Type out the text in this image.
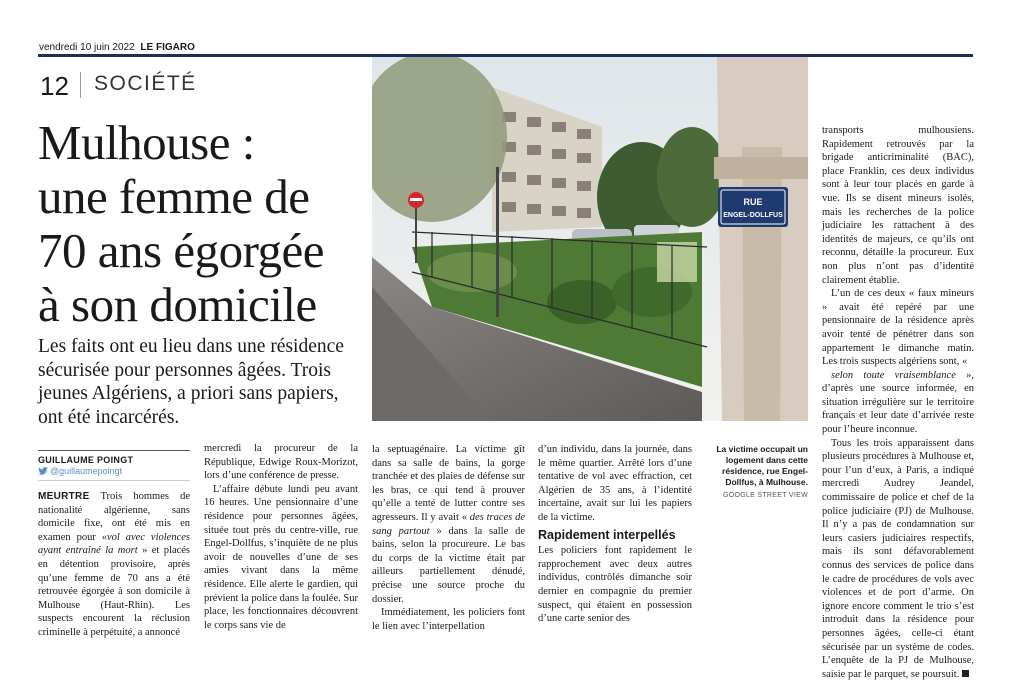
vendredi 10 juin 2022 LE FIGARO
12 SOCIÉTÉ
Mulhouse :
une femme de
70 ans égorgée
à son domicile

Les faits ont eu lieu dans une résidence sécurisée pour personnes âgées. Trois jeunes Algériens, a priori sans papiers, ont été incarcérés.

GUILLAUME POINGT
@guillaumepoingt

MEURTRE Trois hommes de nationalité algérienne, sans domicile fixe, ont été mis en examen pour «vol avec violences ayant entraîné la mort » et placés en détention provisoire, après qu’une femme de 70 ans a été retrouvée égorgée à son domicile à Mulhouse (Haut-Rhin). Les suspects encourent la réclusion criminelle à perpétuité, a annoncé

mercredi la procureur de la République, Edwige Roux-Morizot, lors d’une conférence de presse.
L’affaire débute lundi peu avant 16 heures. Une pensionnaire d’une résidence pour personnes âgées, située tout près du centre-ville, rue Engel-Dollfus, s’inquiète de ne plus avoir de nouvelles d’une de ses amies vivant dans la même résidence. Elle alerte le gardien, qui prévient la police dans la foulée. Sur place, les fonctionnaires découvrent le corps sans vie de
la septuagénaire. La victime gît dans sa salle de bains, la gorge tranchée et des plaies de défense sur les bras, ce qui tend à prouver qu’elle a tenté de lutter contre ses agresseurs. Il y avait « des traces de sang partout » dans la salle de bains, selon la procureure. Le bas du corps de la victime était par ailleurs partiellement dénudé, précise une source proche du dossier.
Immédiatement, les policiers font le lien avec l’interpellation
d’un individu, dans la journée, dans le même quartier. Arrêté lors d’une tentative de vol avec effraction, cet Algérien de 35 ans, à l’identité incertaine, avait sur lui les papiers de la victime.
Rapidement interpellés
Les policiers font rapidement le rapprochement avec deux autres individus, contrôlés dimanche soir dernier en compagnie du premier suspect, qui étaient en possession d’une carte senior des
transports mulhousiens. Rapidement retrouvés par la brigade anticriminalité (BAC), place Franklin, ces deux individus sont à leur tour placés en garde à vue. Ils se disent mineurs isolés, mais les recherches de la police judiciaire les rattachent à des identités de majeurs, ce qu’ils ont reconnu, détaille la procureur. Eux non plus n’ont pas d’identité clairement établie.
L’un de ces deux « faux mineurs » avait été repéré par une pensionnaire de la résidence après avoir tenté de pénétrer dans son appartement le dimanche matin. Les trois suspects algériens sont, «
selon toute vraisemblance », d’après une source informée, en situation irrégulière sur le territoire français et leur date d’arrivée reste pour l’heure inconnue.
Tous les trois apparaissent dans plusieurs procédures à Mulhouse et, pour l’un d’eux, à Paris, a indiqué mercredi Audrey Jeandel, commissaire de police et chef de la police judiciaire (PJ) de Mulhouse. Il n’y a pas de condamnation sur leurs casiers judiciaires respectifs, mais ils sont défavorablement connus des services de police dans le cadre de procédures de vols avec violences et de port d’arme. On ignore encore comment le trio s’est introduit dans la résidence pour personnes âgées, celle-ci étant sécurisée par un système de codes. L’enquête de la PJ de Mulhouse, saisie par le parquet, se poursuit.
RUE
ENGEL-DOLLFUS
La victime occupait un logement dans cette résidence, rue Engel-Dollfus, à Mulhouse.
GOOGLE STREET VIEW
